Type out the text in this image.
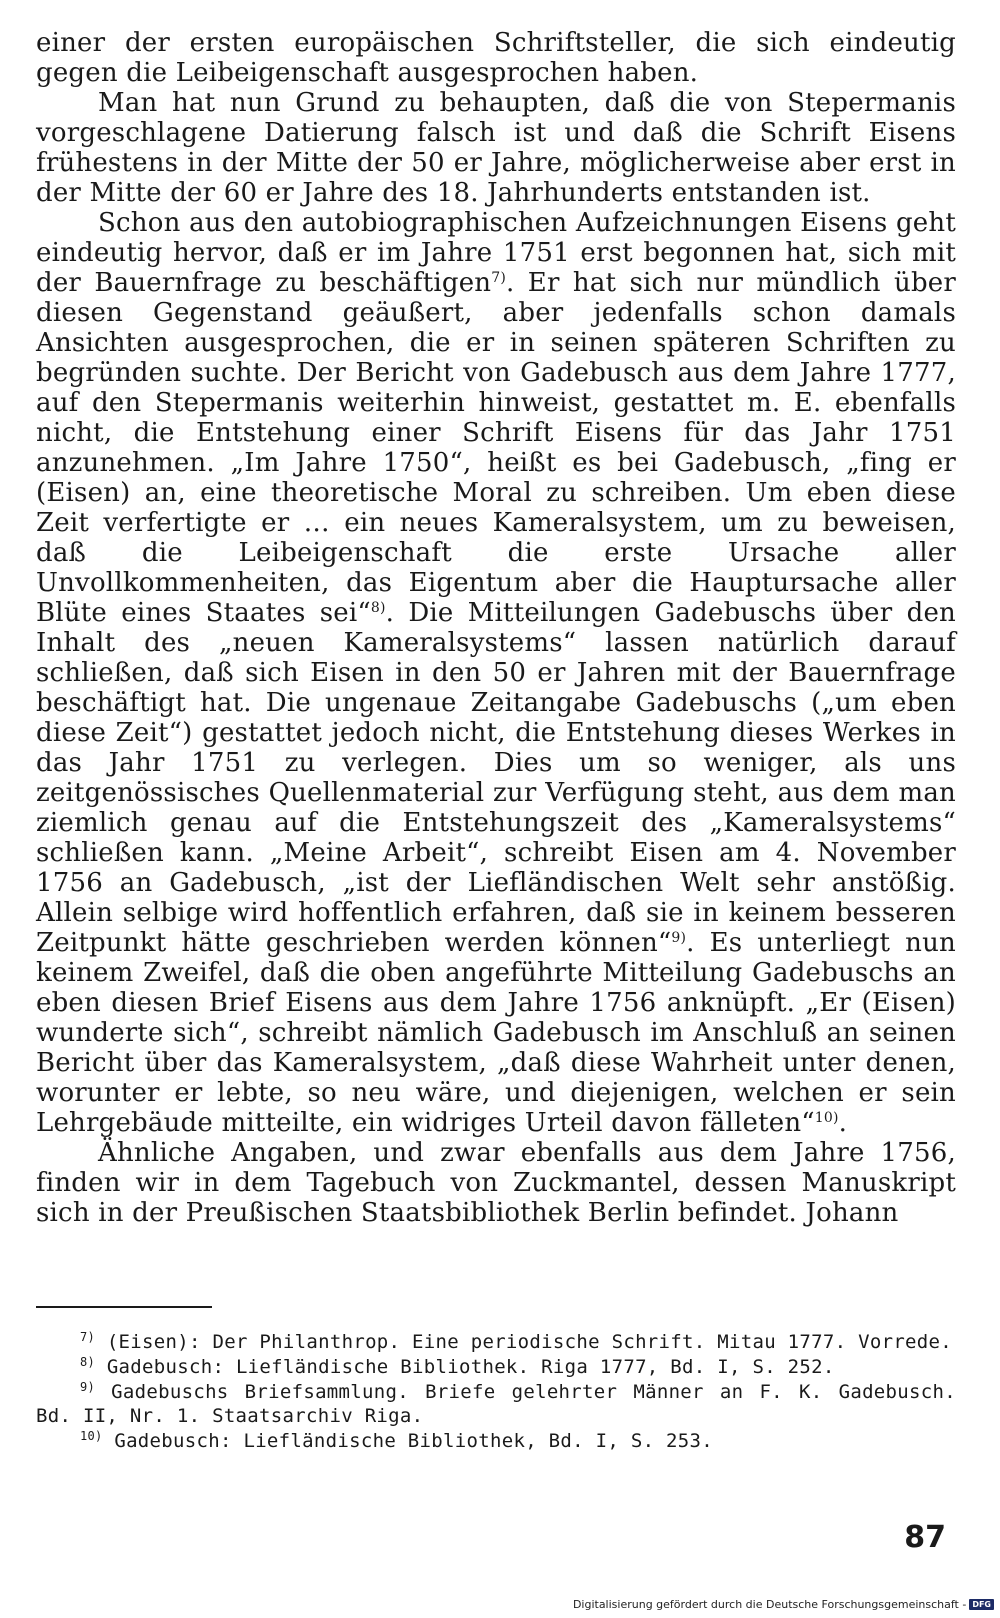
einer der ersten europäischen Schriftsteller, die sich eindeutig gegen die Leibeigenschaft ausgesprochen haben.

Man hat nun Grund zu behaupten, daß die von Stepermanis vorgeschlagene Datierung falsch ist und daß die Schrift Eisens frühestens in der Mitte der 50 er Jahre, möglicherweise aber erst in der Mitte der 60 er Jahre des 18. Jahrhunderts entstanden ist.

Schon aus den autobiographischen Aufzeichnungen Eisens geht eindeutig hervor, daß er im Jahre 1751 erst begonnen hat, sich mit der Bauernfrage zu beschäftigen$^{7)}$. Er hat sich nur mündlich über diesen Gegenstand geäußert, aber jedenfalls schon damals Ansichten ausgesprochen, die er in seinen späteren Schriften zu begründen suchte. Der Bericht von Gadebusch aus dem Jahre 1777, auf den Stepermanis weiterhin hinweist, gestattet m. E. ebenfalls nicht, die Entstehung einer Schrift Eisens für das Jahr 1751 anzunehmen. „Im Jahre 1750“, heißt es bei Gadebusch, „fing er (Eisen) an, eine theoretische Moral zu schreiben. Um eben diese Zeit verfertigte er … ein neues Kameralsystem, um zu beweisen, daß die Leibeigenschaft die erste Ursache aller Unvollkommenheiten, das Eigentum aber die Hauptursache aller Blüte eines Staates sei“$^{8)}$. Die Mitteilungen Gadebuschs über den Inhalt des „neuen Kameralsystems“ lassen natürlich darauf schließen, daß sich Eisen in den 50 er Jahren mit der Bauernfrage beschäftigt hat. Die ungenaue Zeitangabe Gadebuschs („um eben diese Zeit“) gestattet jedoch nicht, die Entstehung dieses Werkes in das Jahr 1751 zu verlegen. Dies um so weniger, als uns zeitgenössisches Quellenmaterial zur Verfügung steht, aus dem man ziemlich genau auf die Entstehungszeit des „Kameralsystems“ schließen kann. „Meine Arbeit“, schreibt Eisen am 4. November 1756 an Gadebusch, „ist der Liefländischen Welt sehr anstößig. Allein selbige wird hoffentlich erfahren, daß sie in keinem besseren Zeitpunkt hätte geschrieben werden können“$^{9)}$. Es unterliegt nun keinem Zweifel, daß die oben angeführte Mitteilung Gadebuschs an eben diesen Brief Eisens aus dem Jahre 1756 anknüpft. „Er (Eisen) wunderte sich“, schreibt nämlich Gadebusch im Anschluß an seinen Bericht über das Kameralsystem, „daß diese Wahrheit unter denen, worunter er lebte, so neu wäre, und diejenigen, welchen er sein Lehrgebäude mitteilte, ein widriges Urteil davon fälleten“$^{10)}$.

Ähnliche Angaben, und zwar ebenfalls aus dem Jahre 1756, finden wir in dem Tagebuch von Zuckmantel, dessen Manuskript sich in der Preußischen Staatsbibliothek Berlin befindet. Johann

$^{7)}$ (Eisen): Der Philanthrop. Eine periodische Schrift. Mitau 1777. Vorrede.

$^{8)}$ Gadebusch: Liefländische Bibliothek. Riga 1777, Bd. I, S. 252.

$^{9)}$ Gadebuschs Briefsammlung. Briefe gelehrter Männer an F. K. Gadebusch. Bd. II, Nr. 1. Staatsarchiv Riga.

$^{10)}$ Gadebusch: Liefländische Bibliothek, Bd. I, S. 253.

87
Digitalisierung gefördert durch die Deutsche Forschungsgemeinschaft - DFG
